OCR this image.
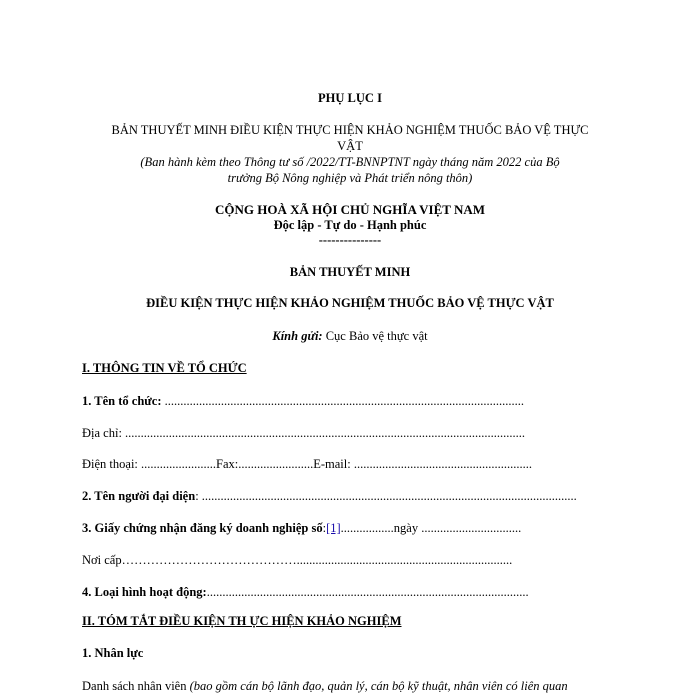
PHỤ LỤC I
BẢN THUYẾT MINH ĐIỀU KIỆN THỰC HIỆN KHẢO NGHIỆM THUỐC BẢO VỆ THỰC
VẬT
(Ban hành kèm theo Thông tư số /2022/TT-BNNPTNT ngày tháng năm 2022 của Bộ
trưởng Bộ Nông nghiệp và Phát triển nông thôn)
CỘNG HOÀ XÃ HỘI CHỦ NGHĨA VIỆT NAM
Độc lập - Tự do - Hạnh phúc
---------------
BẢN THUYẾT MINH
ĐIỀU KIỆN THỰC HIỆN KHẢO NGHIỆM THUỐC BẢO VỆ THỰC VẬT
Kính gửi: Cục Bảo vệ thực vật
I. THÔNG TIN VỀ TỔ CHỨC
1. Tên tổ chức: ...................................................................................................................
Địa chỉ: ................................................................................................................................
Điện thoại: ........................Fax:........................E-mail: .........................................................
2. Tên người đại diện: ........................................................................................................................
3. Giấy chứng nhận đăng ký doanh nghiệp số:[1].................ngày ................................
Nơi cấp…………………………………….....................................................................
4. Loại hình hoạt động:.......................................................................................................
II. TÓM TẮT ĐIỀU KIỆN TH ỰC HIỆN KHẢO NGHIỆM
1. Nhân lực
Danh sách nhân viên (bao gồm cán bộ lãnh đạo, quản lý, cán bộ kỹ thuật, nhân viên có liên quan
